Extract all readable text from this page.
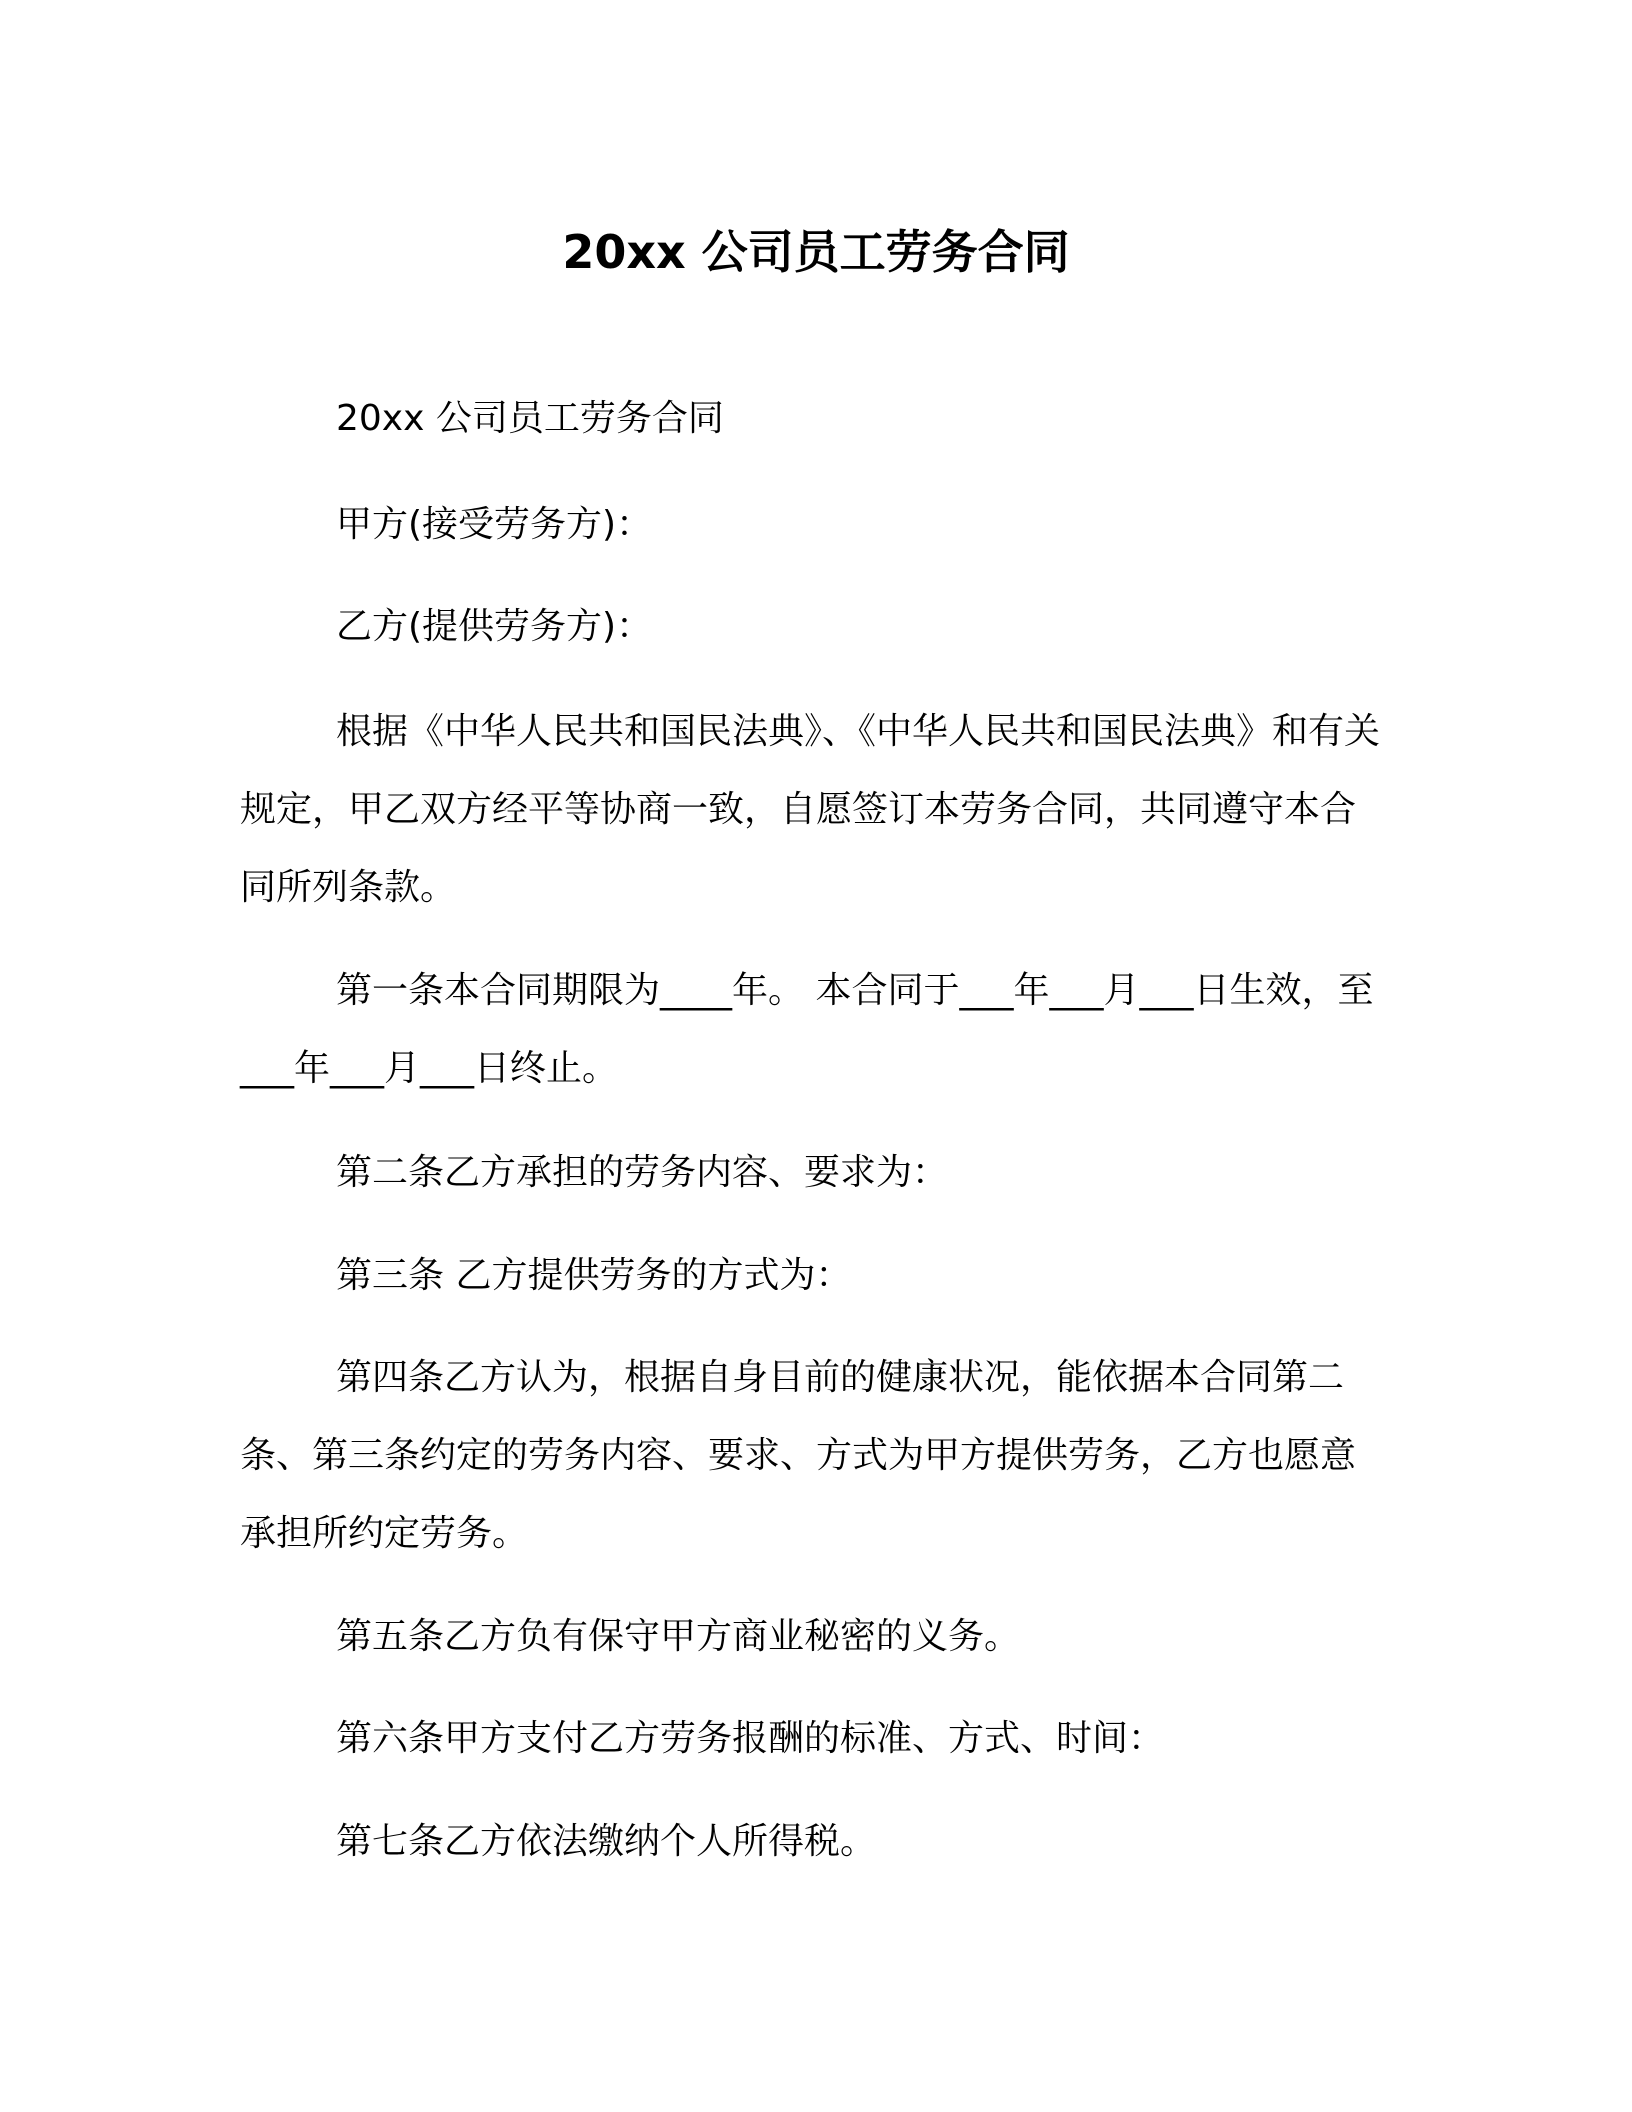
20xx 公司员工劳务合同

20xx 公司员工劳务合同

甲方(接受劳务方)：

乙方(提供劳务方)：

根据《中华人民共和国民法典》、《中华人民共和国民法典》和有关规定，甲乙双方经平等协商一致，自愿签订本劳务合同，共同遵守本合同所列条款。

第一条本合同期限为____年。 本合同于___年___月___日生效，至___年___月___日终止。

第二条乙方承担的劳务内容、要求为：

第三条 乙方提供劳务的方式为：

第四条乙方认为，根据自身目前的健康状况，能依据本合同第二条、第三条约定的劳务内容、要求、方式为甲方提供劳务，乙方也愿意承担所约定劳务。

第五条乙方负有保守甲方商业秘密的义务。

第六条甲方支付乙方劳务报酬的标准、方式、时间：

第七条乙方依法缴纳个人所得税。
